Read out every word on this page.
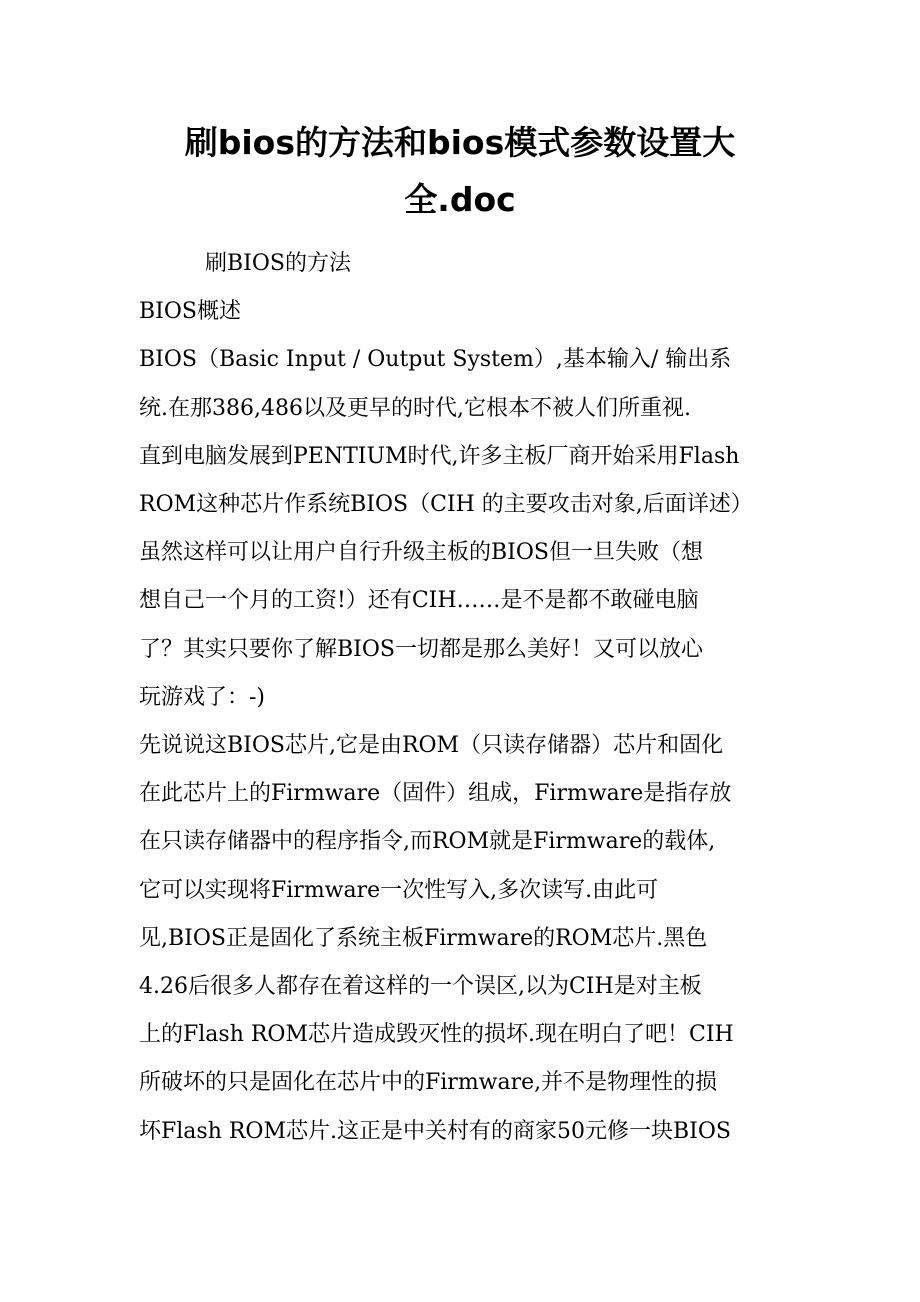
刷bios的方法和bios模式参数设置大
全.doc

刷BIOS的方法

BIOS概述

BIOS（Basic Input / Output System）,基本输入/ 输出系

统.在那386,486以及更早的时代,它根本不被人们所重视.

直到电脑发展到PENTIUM时代,许多主板厂商开始采用Flash

ROM这种芯片作系统BIOS（CIH 的主要攻击对象,后面详述）

虽然这样可以让用户自行升级主板的BIOS但一旦失败（想

想自己一个月的工资!）还有CIH……是不是都不敢碰电脑

了？其实只要你了解BIOS一切都是那么美好！又可以放心

玩游戏了：-)

先说说这BIOS芯片,它是由ROM（只读存储器）芯片和固化

在此芯片上的Firmware（固件）组成，Firmware是指存放

在只读存储器中的程序指令,而ROM就是Firmware的载体,

它可以实现将Firmware一次性写入,多次读写.由此可

见,BIOS正是固化了系统主板Firmware的ROM芯片.黑色

4.26后很多人都存在着这样的一个误区,以为CIH是对主板

上的Flash ROM芯片造成毁灭性的损坏.现在明白了吧！CIH

所破坏的只是固化在芯片中的Firmware,并不是物理性的损

坏Flash ROM芯片.这正是中关村有的商家50元修一块BIOS
